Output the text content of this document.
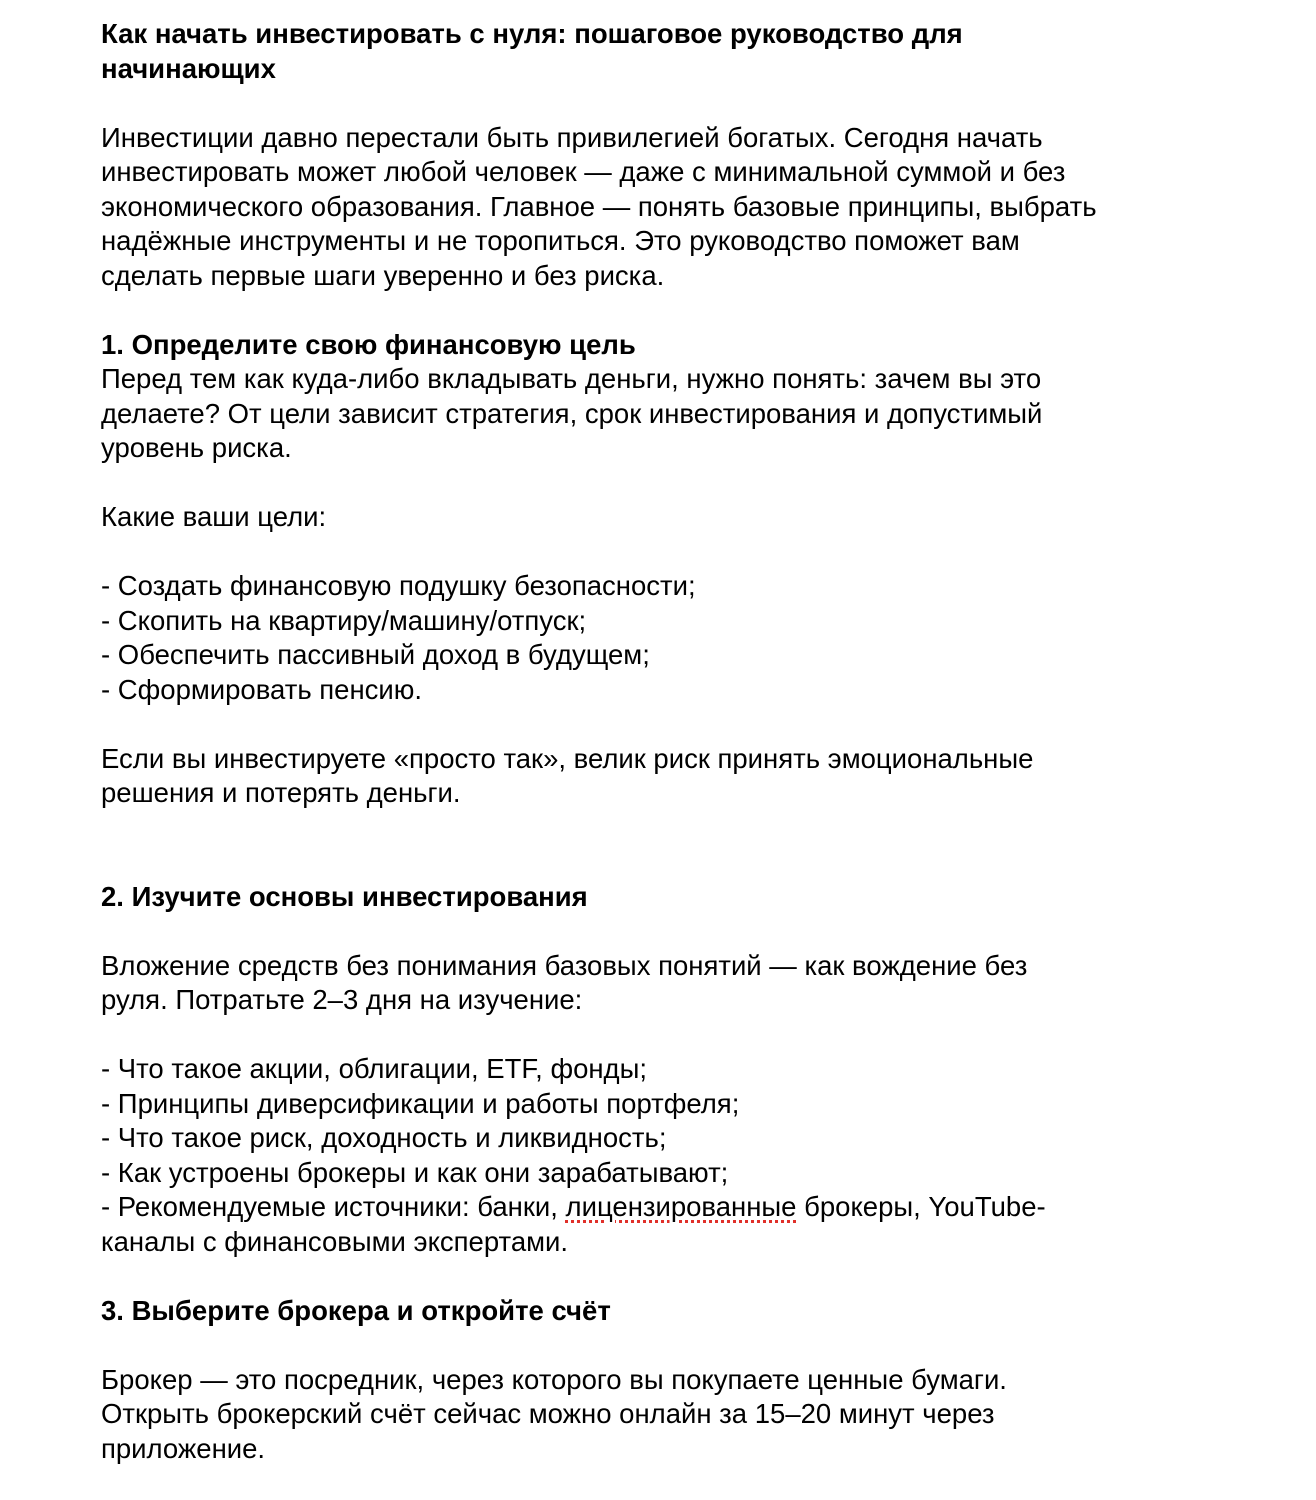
Как начать инвестировать с нуля: пошаговое руководство для

начинающих

Инвестиции давно перестали быть привилегией богатых. Сегодня начать

инвестировать может любой человек — даже с минимальной суммой и без

экономического образования. Главное — понять базовые принципы, выбрать

надёжные инструменты и не торопиться. Это руководство поможет вам

сделать первые шаги уверенно и без риска.

1. Определите свою финансовую цель

Перед тем как куда-либо вкладывать деньги, нужно понять: зачем вы это

делаете? От цели зависит стратегия, срок инвестирования и допустимый

уровень риска.

Какие ваши цели:

- Создать финансовую подушку безопасности;

- Скопить на квартиру/машину/отпуск;

- Обеспечить пассивный доход в будущем;

- Сформировать пенсию.

Если вы инвестируете «просто так», велик риск принять эмоциональные

решения и потерять деньги.

2. Изучите основы инвестирования

Вложение средств без понимания базовых понятий — как вождение без

руля. Потратьте 2–3 дня на изучение:

- Что такое акции, облигации, ETF, фонды;

- Принципы диверсификации и работы портфеля;

- Что такое риск, доходность и ликвидность;

- Как устроены брокеры и как они зарабатывают;

- Рекомендуемые источники: банки, лицензированные брокеры, YouTube-

каналы с финансовыми экспертами.

3. Выберите брокера и откройте счёт

Брокер — это посредник, через которого вы покупаете ценные бумаги.

Открыть брокерский счёт сейчас можно онлайн за 15–20 минут через

приложение.
